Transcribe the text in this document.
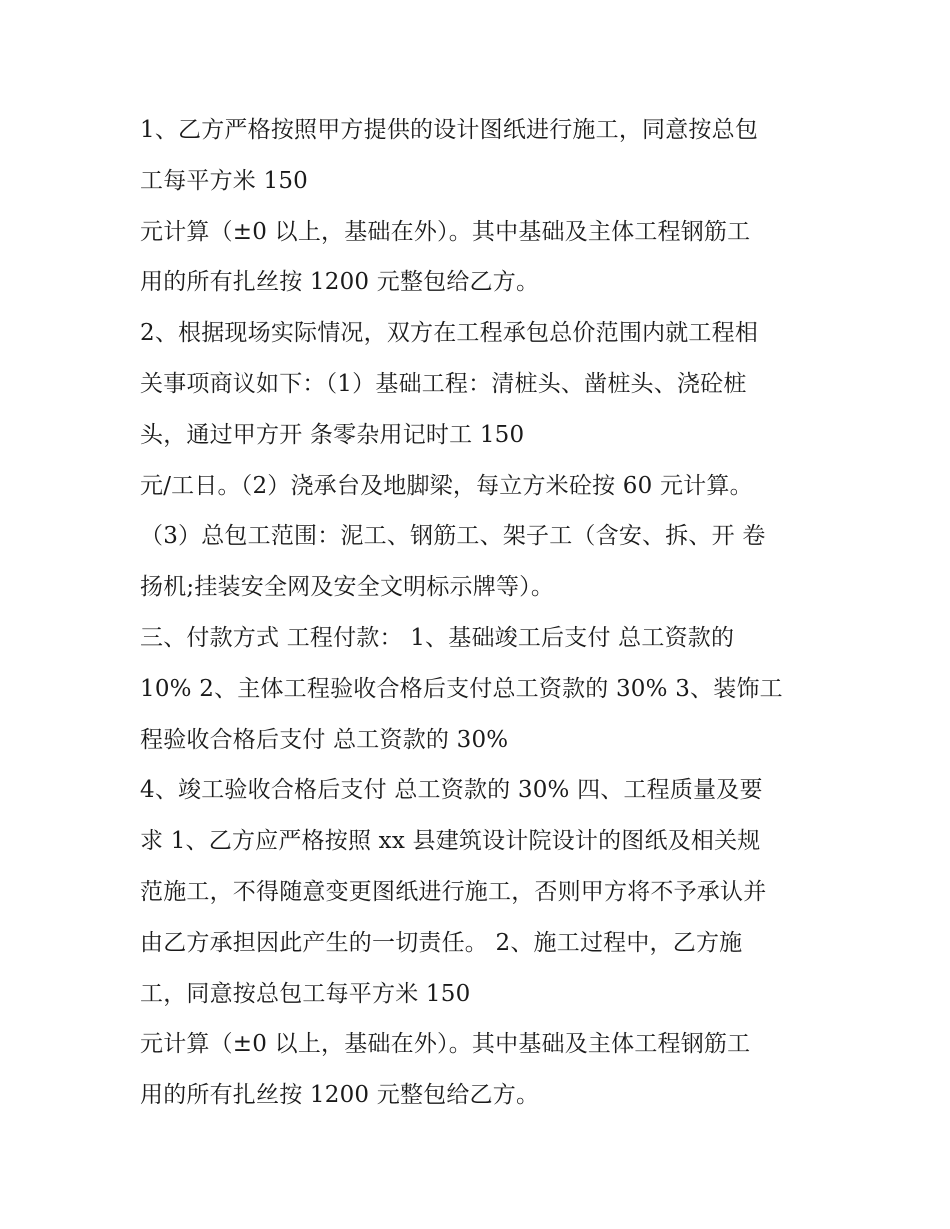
1、乙方严格按照甲方提供的设计图纸进行施工，同意按总包
工每平方米 150
元计算（±0 以上，基础在外）。其中基础及主体工程钢筋工
用的所有扎丝按 1200 元整包给乙方。
2、根据现场实际情况，双方在工程承包总价范围内就工程相
关事项商议如下：（1）基础工程：清桩头、凿桩头、浇砼桩
头，通过甲方开 条零杂用记时工 150
元/工日。（2）浇承台及地脚梁，每立方米砼按 60 元计算。
（3）总包工范围：泥工、钢筋工、架子工（含安、拆、开 卷
扬机;挂装安全网及安全文明标示牌等）。
三、付款方式 工程付款： 1、基础竣工后支付 总工资款的
10% 2、主体工程验收合格后支付总工资款的 30% 3、装饰工
程验收合格后支付 总工资款的 30%
4、竣工验收合格后支付 总工资款的 30% 四、工程质量及要
求 1、乙方应严格按照 xx 县建筑设计院设计的图纸及相关规
范施工，不得随意变更图纸进行施工，否则甲方将不予承认并
由乙方承担因此产生的一切责任。 2、施工过程中，乙方施
工，同意按总包工每平方米 150
元计算（±0 以上，基础在外）。其中基础及主体工程钢筋工
用的所有扎丝按 1200 元整包给乙方。
